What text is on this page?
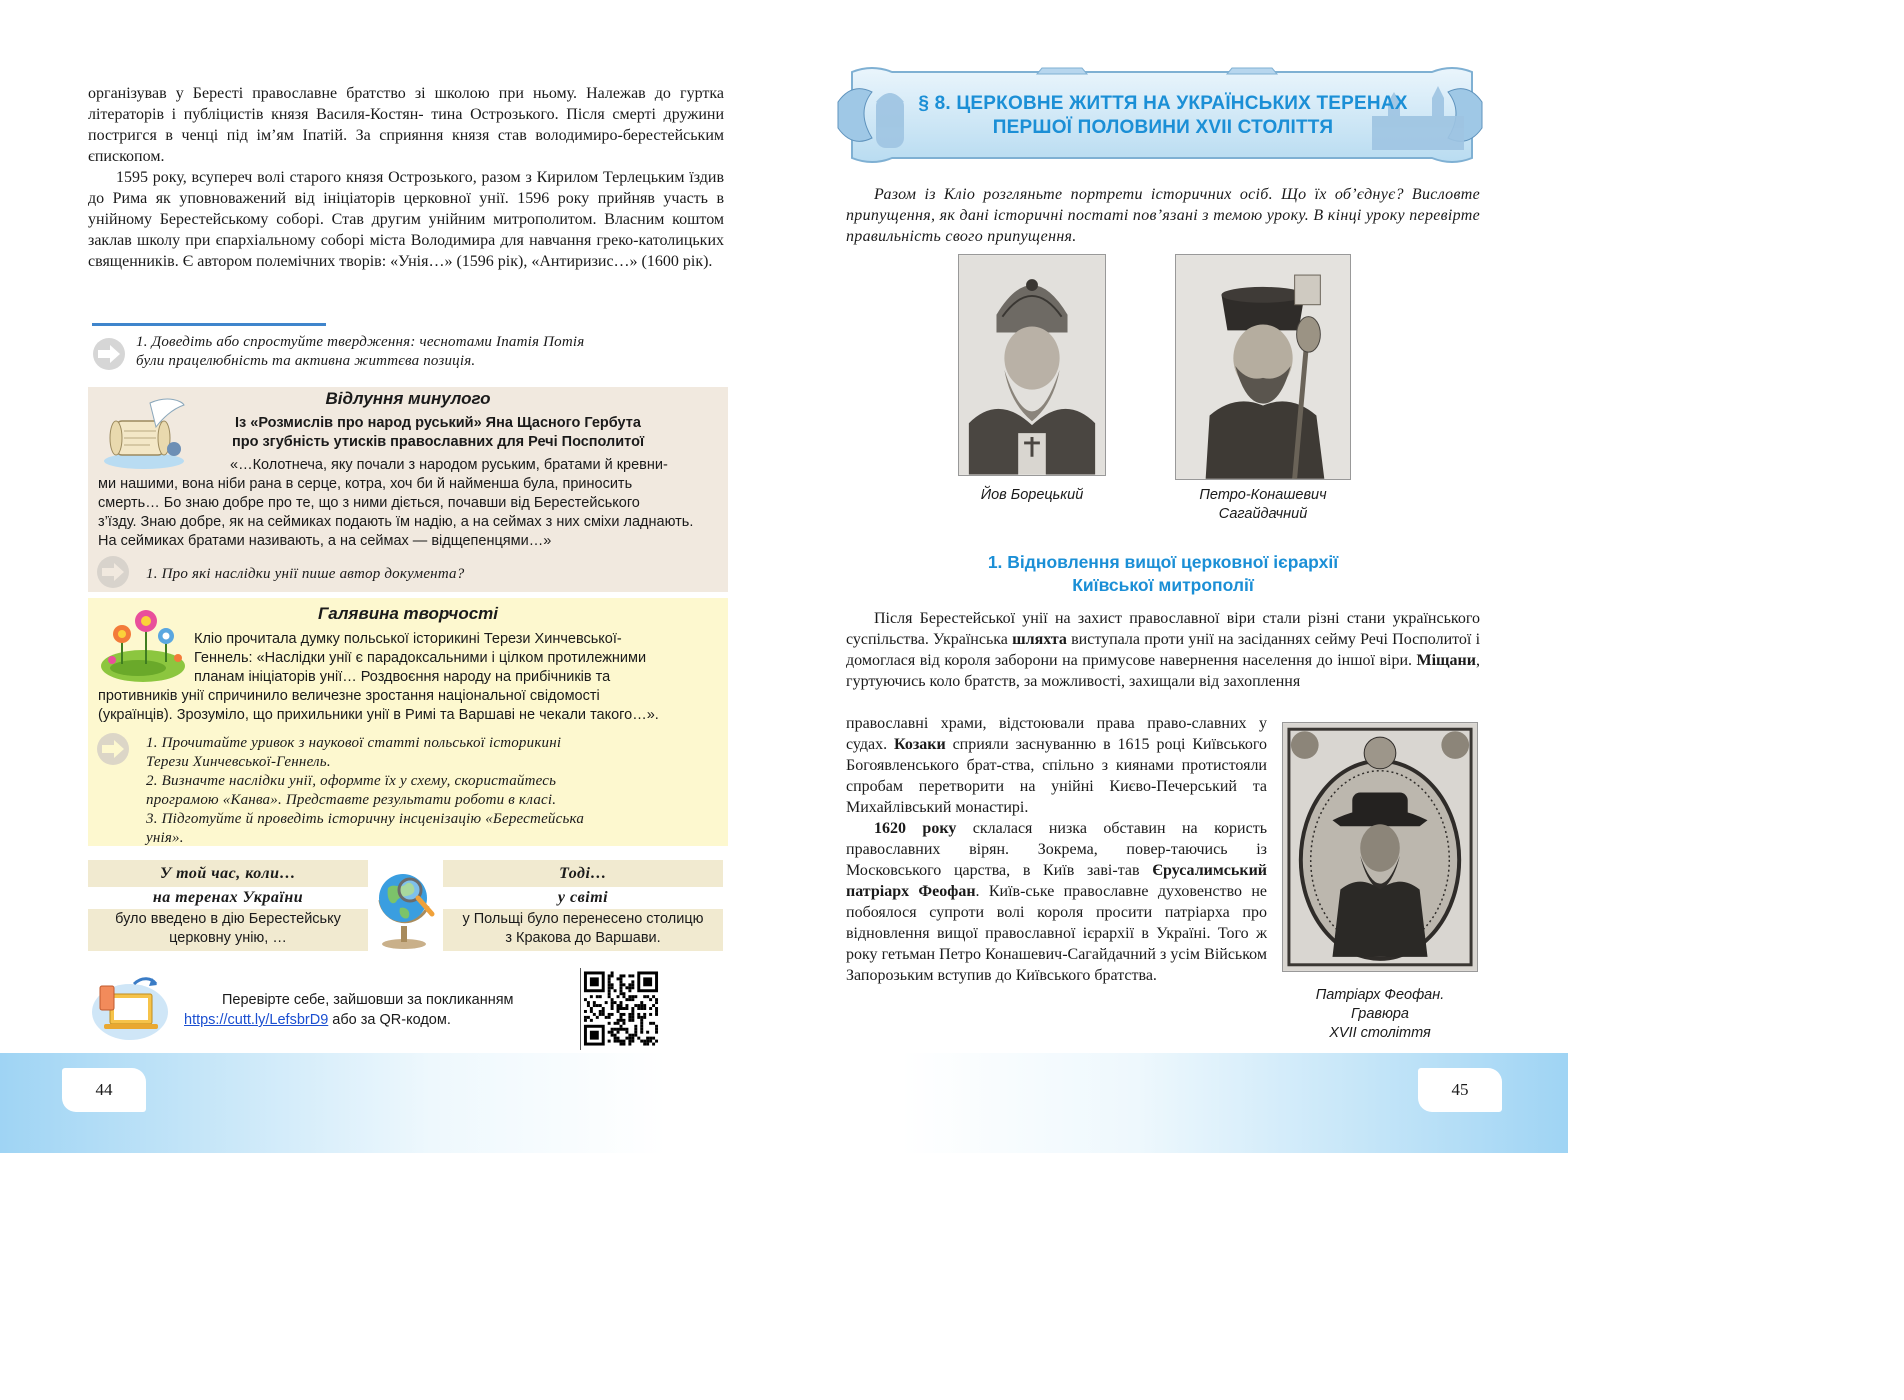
організував у Бересті православне братство зі школою при ньому. Належав до гуртка літераторів і публіцистів князя Василя-Костян- тина Острозького. Після смерті дружини постригся в ченці під ім’ям Іпатій. За сприяння князя став володимиро-берестейським єпископом.

1595 року, всупереч волі старого князя Острозького, разом з Кирилом Терлецьким їздив до Рима як уповноважений від ініціаторів церковної унії. 1596 року прийняв участь в унійному Берестейському соборі. Став другим унійним митрополитом. Власним коштом заклав школу при єпархіальному соборі міста Володимира для навчання греко-католицьких священників. Є автором полемічних творів: «Унія…» (1596 рік), «Антиризис…» (1600 рік).

1. Доведіть або спростуйте твердження: чеснотами Іпатія Потія
були працелюбність та активна життєва позиція.
Відлуння минулого
Із «Розмислів про народ руський» Яна Щасного Гербута
про згубність утисків православних для Речі Посполитої
«…Колотнеча, яку почали з народом руським, братами й кревни-
ми нашими, вона ніби рана в серце, котра, хоч би й найменша була, приносить
смерть… Бо знаю добре про те, що з ними діється, почавши від Берестейського
з’їзду. Знаю добре, як на сеймиках подають їм надію, а на сеймах з них сміхи ладнають.
На сеймиках братами називають, а на сеймах — відщепенцями…»
1. Про які наслідки унії пише автор документа?
Галявина творчості
Кліо прочитала думку польської історикині Терези Хинчевської-
Геннель: «Наслідки унії є парадоксальними і цілком протилежними
планам ініціаторів унії… Роздвоєння народу на прибічників та
противників унії спричинило величезне зростання національної свідомості
(українців). Зрозуміло, що прихильники унії в Римі та Варшаві не чекали такого…».
1. Прочитайте уривок з наукової статті польської історикині
Терези Хинчевської-Геннель.
2. Визначте наслідки унії, оформте їх у схему, скористайтесь
програмою «Канва». Представте результати роботи в класі.
3. Підготуйте й проведіть історичну інсценізацію «Берестейська
унія».
У той час, коли…
на теренах України
було введено в дію Берестейську
церковну унію, …
Тоді…
у світі
у Польщі було перенесено столицю
з Кракова до Варшави.
Перевірте себе, зайшовши за покликанням
https://cutt.ly/LefsbrD9 або за QR-кодом.
44
§ 8. ЦЕРКОВНЕ ЖИТТЯ НА УКРАЇНСЬКИХ ТЕРЕНАХ
ПЕРШОЇ ПОЛОВИНИ XVII СТОЛІТТЯ

Разом із Кліо розгляньте портрети історичних осіб. Що їх об’єднує? Висловте припущення, як дані історичні постаті пов’язані з темою уроку. В кінці уроку перевірте правильність свого припущення.

Йов Борецький	Петро-Конашевич
Сагайдачний
1. Відновлення вищої церковної ієрархії
Київської митрополії

Після Берестейської унії на захист православної віри стали різні стани українського суспільства. Українська шляхта виступала проти унії на засіданнях сейму Речі Посполитої і домоглася від короля заборони на примусове навернення населення до іншої віри. Міщани, гуртуючись коло братств, за можливості, захищали від захоплення

православні храми, відстоювали права право-славних у судах. Козаки сприяли заснуванню в 1615 році Київського Богоявленського брат-ства, спільно з киянами протистояли спробам перетворити на унійні Києво-Печерський та Михайлівський монастирі.

1620 року склалася низка обставин на користь православних вірян. Зокрема, повер-таючись із Московського царства, в Київ заві-тав Єрусалимський патріарх Феофан. Київ-ське православне духовенство не побоялося супроти волі короля просити патріарха про відновлення вищої православної ієрархії в Україні. Того ж року гетьман Петро Конашевич-Сагайдачний з усім Військом Запорозьким вступив до Київського братства.

Патріарх Феофан.
Гравюра
XVII століття
45
